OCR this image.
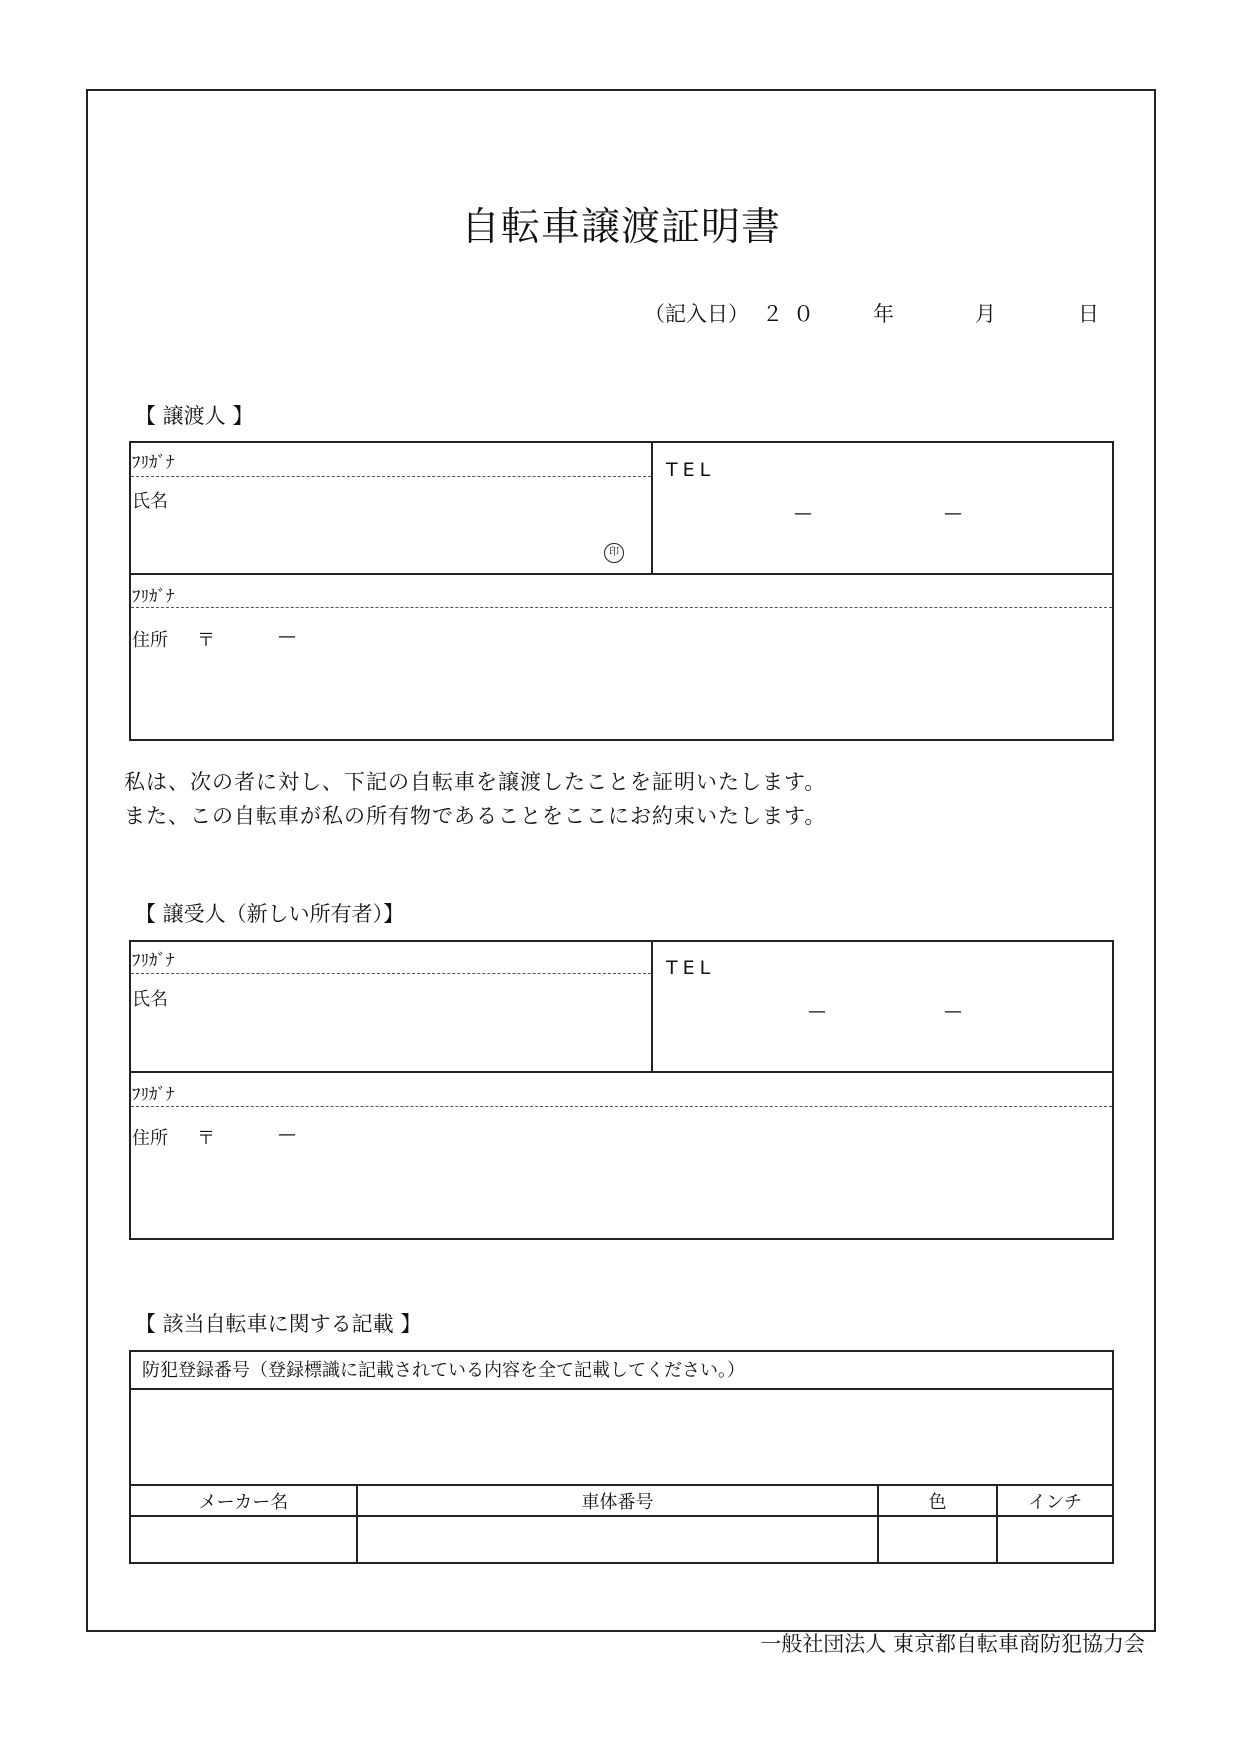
自転車譲渡証明書
（記入日） ２０ 年	月	日
【 譲渡人 】
ﾌﾘｶﾞﾅ
氏名
印
TEL
—	—
ﾌﾘｶﾞﾅ
住所 〒	—
私は、次の者に対し、下記の自転車を譲渡したことを証明いたします。
また、この自転車が私の所有物であることをここにお約束いたします。
【 譲受人（新しい所有者）】
ﾌﾘｶﾞﾅ
氏名
TEL
—	—
ﾌﾘｶﾞﾅ
住所 〒	—
【 該当自転車に関する記載 】
防犯登録番号（登録標識に記載されている内容を全て記載してください。）
メーカー名	車体番号	色	インチ
一般社団法人 東京都自転車商防犯協力会
